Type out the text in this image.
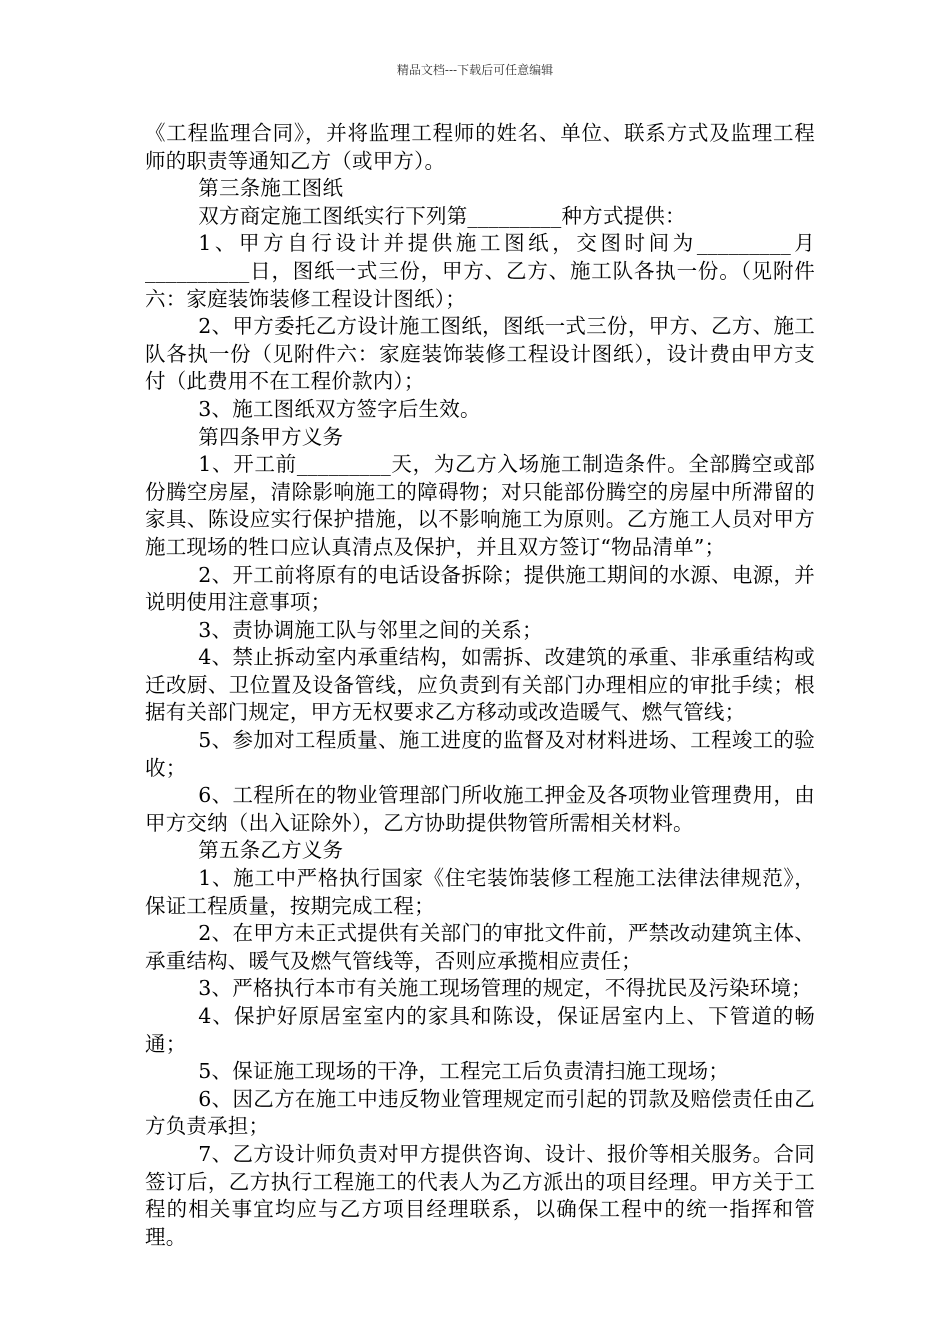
精品文档---下载后可任意编辑

《工程监理合同》，并将监理工程师的姓名、单位、联系方式及监理工程师的职责等通知乙方（或甲方）。

第三条施工图纸

双方商定施工图纸实行下列第_________种方式提供：

1、甲方自行设计并提供施工图纸，交图时间为_________月__________日，图纸一式三份，甲方、乙方、施工队各执一份。（见附件六：家庭装饰装修工程设计图纸）；

2、甲方委托乙方设计施工图纸，图纸一式三份，甲方、乙方、施工队各执一份（见附件六：家庭装饰装修工程设计图纸），设计费由甲方支付（此费用不在工程价款内）；

3、施工图纸双方签字后生效。

第四条甲方义务

1、开工前_________天，为乙方入场施工制造条件。全部腾空或部份腾空房屋，清除影响施工的障碍物；对只能部份腾空的房屋中所滞留的家具、陈设应实行保护措施，以不影响施工为原则。乙方施工人员对甲方施工现场的牲口应认真清点及保护，并且双方签订“物品清单”；

2、开工前将原有的电话设备拆除；提供施工期间的水源、电源，并说明使用注意事项；

3、责协调施工队与邻里之间的关系；

4、禁止拆动室内承重结构，如需拆、改建筑的承重、非承重结构或迁改厨、卫位置及设备管线，应负责到有关部门办理相应的审批手续；根据有关部门规定，甲方无权要求乙方移动或改造暖气、燃气管线；

5、参加对工程质量、施工进度的监督及对材料进场、工程竣工的验收；

6、工程所在的物业管理部门所收施工押金及各项物业管理费用，由甲方交纳（出入证除外），乙方协助提供物管所需相关材料。

第五条乙方义务

1、施工中严格执行国家《住宅装饰装修工程施工法律法律规范》，保证工程质量，按期完成工程；

2、在甲方未正式提供有关部门的审批文件前，严禁改动建筑主体、承重结构、暖气及燃气管线等，否则应承揽相应责任；

3、严格执行本市有关施工现场管理的规定，不得扰民及污染环境；

4、保护好原居室室内的家具和陈设，保证居室内上、下管道的畅通；

5、保证施工现场的干净，工程完工后负责清扫施工现场；

6、因乙方在施工中违反物业管理规定而引起的罚款及赔偿责任由乙方负责承担；

7、乙方设计师负责对甲方提供咨询、设计、报价等相关服务。合同签订后，乙方执行工程施工的代表人为乙方派出的项目经理。甲方关于工程的相关事宜均应与乙方项目经理联系，以确保工程中的统一指挥和管理。
